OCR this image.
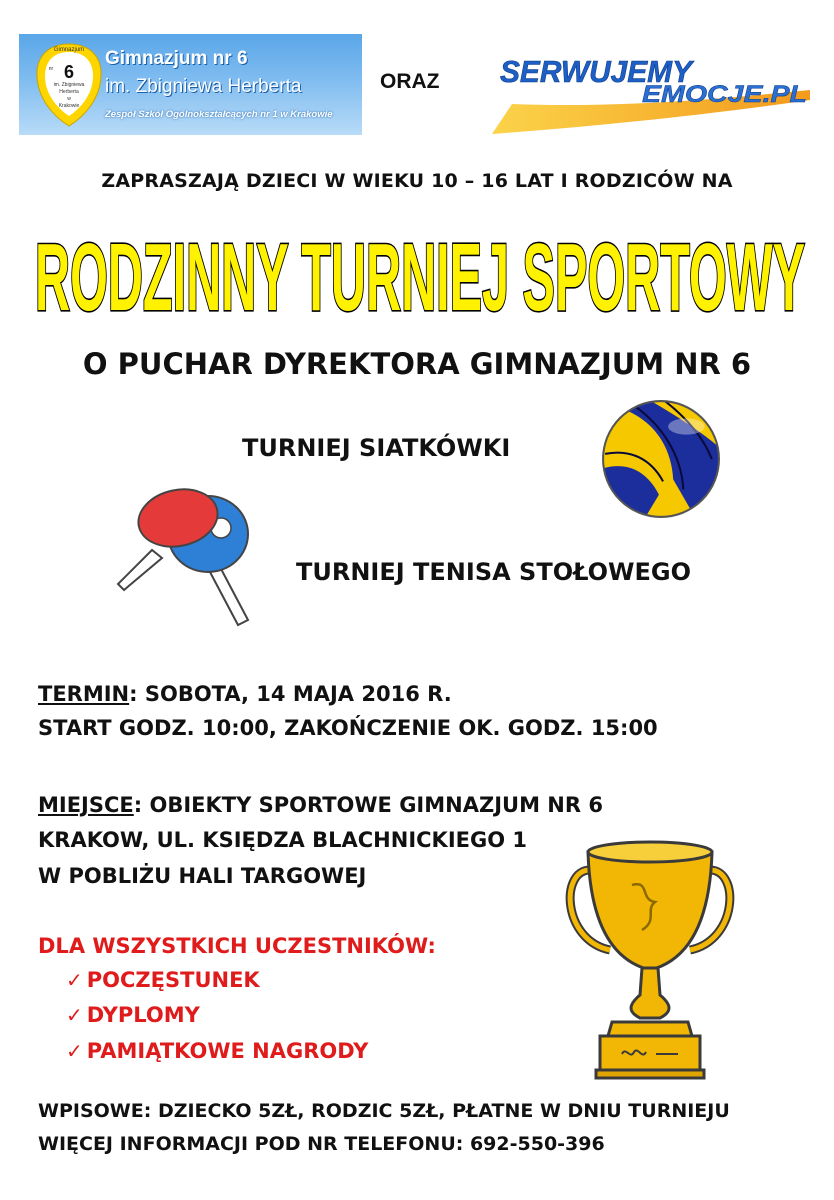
Gimnazjum
nr 6
im. Zbigniewa
Herberta
w
Krakowie
Gimnazjum nr 6
im. Zbigniewa Herberta
Zespół Szkół Ogólnokształcących nr 1 w Krakowie
ORAZ SERWUJEMY
EMOCJE.PL
ZAPRASZAJĄ DZIECI W WIEKU 10 – 16 LAT I RODZICÓW NA
RODZINNY TURNIEJ SPORTOWY
O PUCHAR DYREKTORA GIMNAZJUM NR 6
TURNIEJ SIATKÓWKI
TURNIEJ TENISA STOŁOWEGO
TERMIN: SOBOTA, 14 MAJA 2016 R.
START GODZ. 10:00, ZAKOŃCZENIE OK. GODZ. 15:00
MIEJSCE: OBIEKTY SPORTOWE GIMNAZJUM NR 6
KRAKOW, UL. KSIĘDZA BLACHNICKIEGO 1
W POBLIŻU HALI TARGOWEJ
DLA WSZYSTKICH UCZESTNIKÓW:
✓ POCZĘSTUNEK
✓ DYPLOMY
✓ PAMIĄTKOWE NAGRODY
WPISOWE: DZIECKO 5ZŁ, RODZIC 5ZŁ, PŁATNE W DNIU TURNIEJU
WIĘCEJ INFORMACJI POD NR TELEFONU: 692-550-396
